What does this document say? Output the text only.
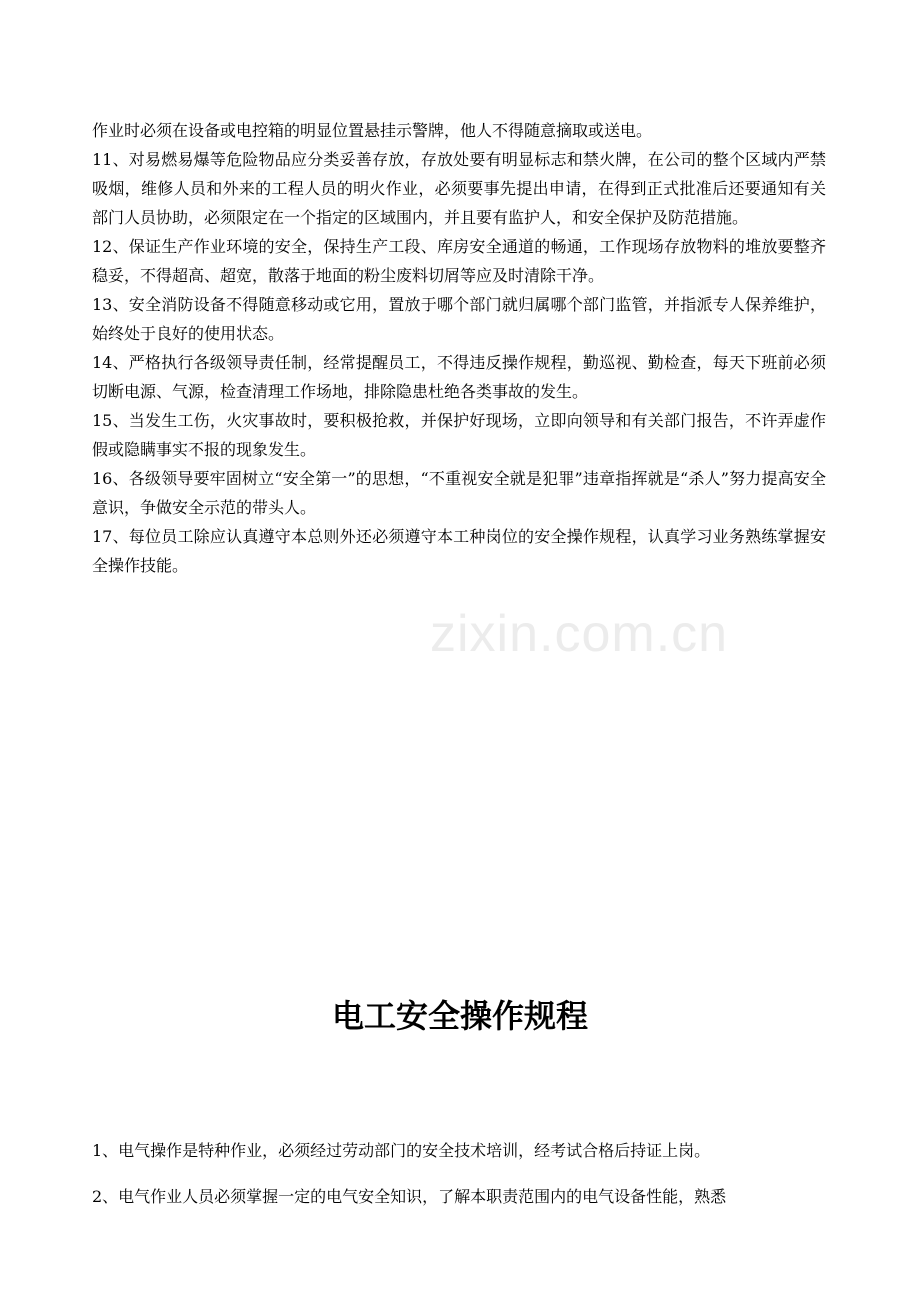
zixin.com.cn

作业时必须在设备或电控箱的明显位置悬挂示警牌，他人不得随意摘取或送电。

11、对易燃易爆等危险物品应分类妥善存放，存放处要有明显标志和禁火牌，在公司的整个区域内严禁吸烟，维修人员和外来的工程人员的明火作业，必须要事先提出申请，在得到正式批准后还要通知有关部门人员协助，必须限定在一个指定的区域围内，并且要有监护人，和安全保护及防范措施。

12、保证生产作业环境的安全，保持生产工段、库房安全通道的畅通，工作现场存放物料的堆放要整齐稳妥，不得超高、超宽，散落于地面的粉尘废料切屑等应及时清除干净。

13、安全消防设备不得随意移动或它用，置放于哪个部门就归属哪个部门监管，并指派专人保养维护，始终处于良好的使用状态。

14、严格执行各级领导责任制，经常提醒员工，不得违反操作规程，勤巡视、勤检查，每天下班前必须切断电源、气源，检查清理工作场地，排除隐患杜绝各类事故的发生。

15、当发生工伤，火灾事故时，要积极抢救，并保护好现场，立即向领导和有关部门报告，不许弄虚作假或隐瞒事实不报的现象发生。

16、各级领导要牢固树立“安全第一”的思想，“不重视安全就是犯罪”违章指挥就是“杀人”努力提高安全意识，争做安全示范的带头人。

17、每位员工除应认真遵守本总则外还必须遵守本工种岗位的安全操作规程，认真学习业务熟练掌握安全操作技能。

电工安全操作规程

1、电气操作是特种作业，必须经过劳动部门的安全技术培训，经考试合格后持证上岗。

2、电气作业人员必须掌握一定的电气安全知识，了解本职责范围内的电气设备性能，熟悉
